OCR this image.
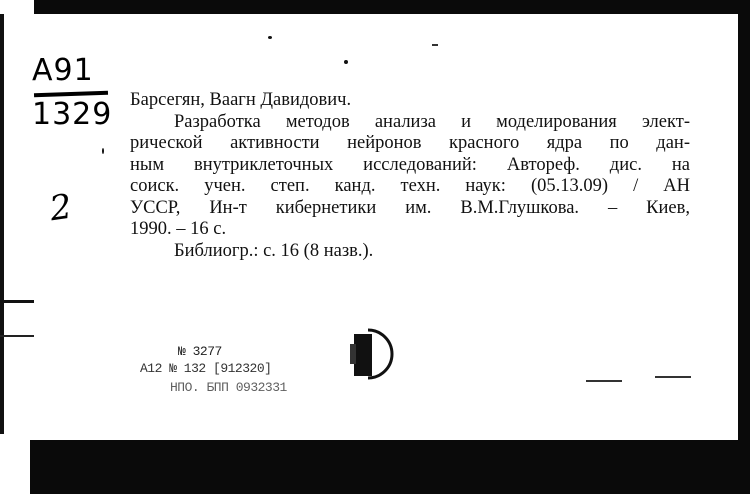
A91
1329
2
Барсегян, Ваагн Давидович.
Разработка методов анализа и моделирования элект-
рической активности нейронов красного ядра по дан-
ным внутриклеточных исследований: Автореф. дис. на
соиск. учен. степ. канд. техн. наук: (05.13.09) / АН
УССР, Ин-т кибернетики им. В.М.Глушкова. – Киев,
1990. – 16 с.
Библиогр.: с. 16 (8 назв.).
№ 3277
А12 № 132 [912320]
НПО. БПП 0932331
